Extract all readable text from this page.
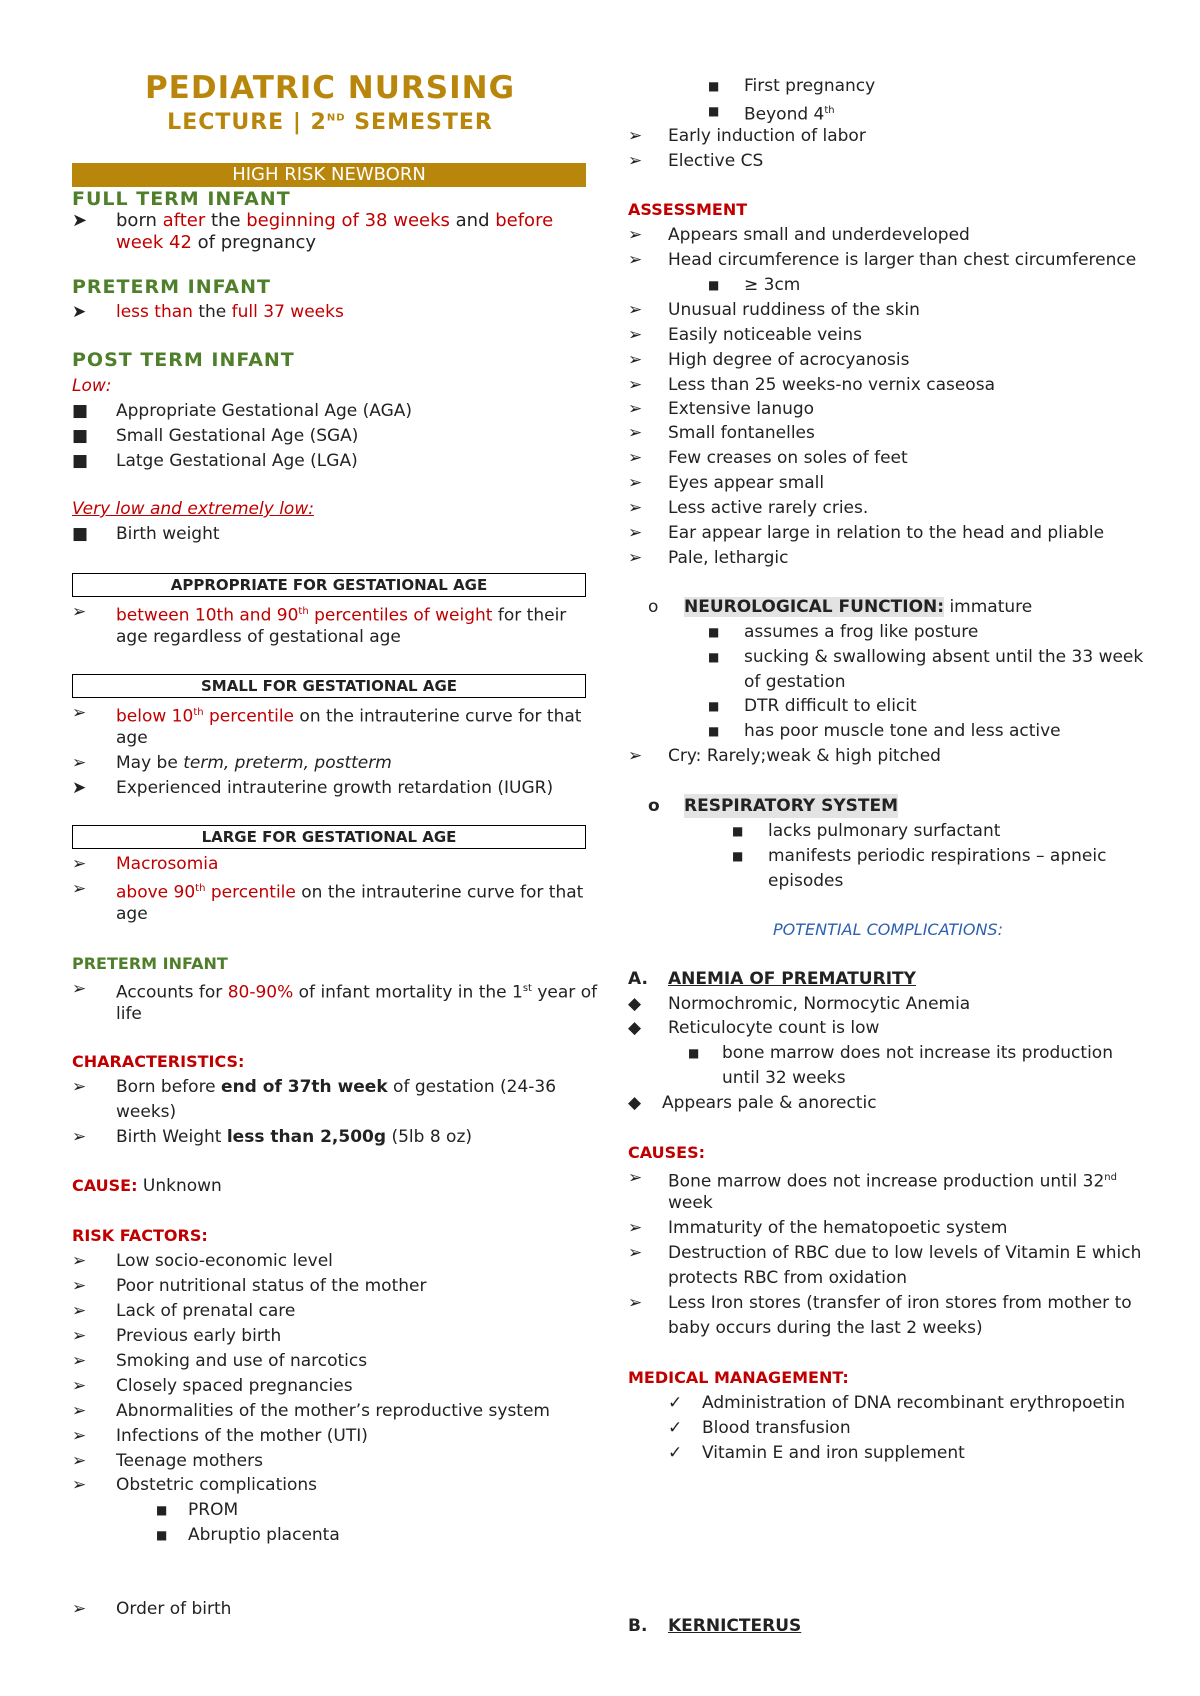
PEDIATRIC NURSING
LECTURE | 2ND SEMESTER
HIGH RISK NEWBORN
FULL TERM INFANT
➤ born after the beginning of 38 weeks and before
week 42 of pregnancy
PRETERM INFANT
➤	less than the full 37 weeks
POST TERM INFANT
Low:
■ Appropriate Gestational Age (AGA)
■ Small Gestational Age (SGA)
■ Latge Gestational Age (LGA)
Very low and extremely low:
■ Birth weight
APPROPRIATE FOR GESTATIONAL AGE
➢	between 10th and 90th percentiles of weight for their
age regardless of gestational age
SMALL FOR GESTATIONAL AGE
➢	below 10th percentile on the intrauterine curve for that
age
➢	May be term, preterm, postterm
➤	Experienced intrauterine growth retardation (IUGR)
LARGE FOR GESTATIONAL AGE
➢	Macrosomia
➢	above 90th percentile on the intrauterine curve for that
age
PRETERM INFANT
➢	Accounts for 80-90% of infant mortality in the 1st year of
life
CHARACTERISTICS:
➢	Born before end of 37th week of gestation (24-36
weeks)
➢	Birth Weight less than 2,500g (5lb 8 oz)
CAUSE: Unknown
RISK FACTORS:
➢	Low socio-economic level
➢	Poor nutritional status of the mother
➢	Lack of prenatal care
➢	Previous early birth
➢	Smoking and use of narcotics
➢	Closely spaced pregnancies
➢	Abnormalities of the mother’s reproductive system
➢	Infections of the mother (UTI)
➢	Teenage mothers
➢	Obstetric complications
■	PROM
■	Abruptio placenta
➢	Order of birth
■	First pregnancy
■	Beyond 4th
➢	Early induction of labor
➢	Elective CS
ASSESSMENT
➢	Appears small and underdeveloped
➢	Head circumference is larger than chest circumference
■	≥ 3cm
➢	Unusual ruddiness of the skin
➢	Easily noticeable veins
➢	High degree of acrocyanosis
➢	Less than 25 weeks-no vernix caseosa
➢	Extensive lanugo
➢	Small fontanelles
➢	Few creases on soles of feet
➢	Eyes appear small
➢	Less active rarely cries.
➢	Ear appear large in relation to the head and pliable
➢	Pale, lethargic
o	NEUROLOGICAL FUNCTION: immature
■	assumes a frog like posture
■	sucking & swallowing absent until the 33 week
of gestation
■	DTR difficult to elicit
■	has poor muscle tone and less active
➢	Cry: Rarely;weak & high pitched
o	RESPIRATORY SYSTEM
■	lacks pulmonary surfactant
■	manifests periodic respirations – apneic
episodes
POTENTIAL COMPLICATIONS:
A. ANEMIA OF PREMATURITY
◆	Normochromic, Normocytic Anemia
◆	Reticulocyte count is low
■	bone marrow does not increase its production
until 32 weeks
◆	Appears pale & anorectic
CAUSES:
➢	Bone marrow does not increase production until 32nd
week
➢	Immaturity of the hematopoetic system
➢	Destruction of RBC due to low levels of Vitamin E which
protects RBC from oxidation
➢	Less Iron stores (transfer of iron stores from mother to
baby occurs during the last 2 weeks)
MEDICAL MANAGEMENT:
✓	Administration of DNA recombinant erythropoetin
✓	Blood transfusion
✓	Vitamin E and iron supplement
B. KERNICTERUS
